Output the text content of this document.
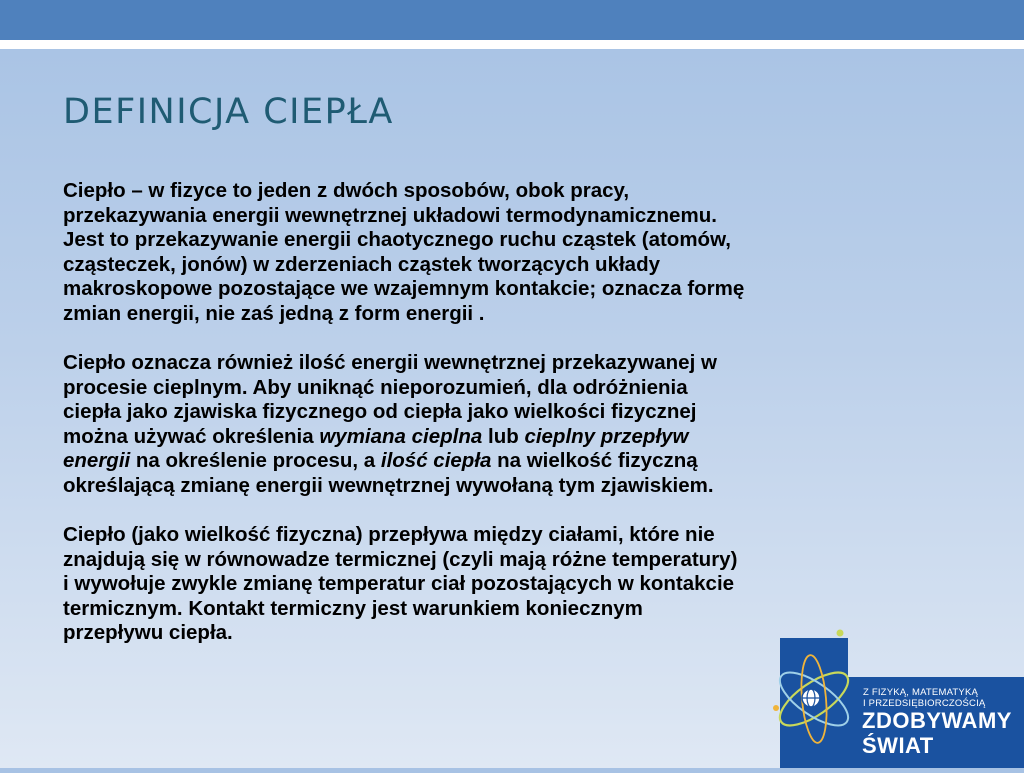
DEFINICJA CIEPŁA

Ciepło – w fizyce to jeden z dwóch sposobów, obok pracy,
przekazywania energii wewnętrznej układowi termodynamicznemu.
Jest to przekazywanie energii chaotycznego ruchu cząstek (atomów,
cząsteczek, jonów) w zderzeniach cząstek tworzących układy
makroskopowe pozostające we wzajemnym kontakcie; oznacza formę
zmian energii, nie zaś jedną z form energii .

Ciepło oznacza również ilość energii wewnętrznej przekazywanej w
procesie cieplnym. Aby uniknąć nieporozumień, dla odróżnienia
ciepła jako zjawiska fizycznego od ciepła jako wielkości fizycznej
można używać określenia wymiana cieplna lub cieplny przepływ
energii na określenie procesu, a ilość ciepła na wielkość fizyczną
określającą zmianę energii wewnętrznej wywołaną tym zjawiskiem.

Ciepło (jako wielkość fizyczna) przepływa między ciałami, które nie
znajdują się w równowadze termicznej (czyli mają różne temperatury)
i wywołuje zwykle zmianę temperatur ciał pozostających w kontakcie
termicznym. Kontakt termiczny jest warunkiem koniecznym
przepływu ciepła.

Z FIZYKĄ, MATEMATYKĄ
I PRZEDSIĘBIORCZOŚCIĄ
ZDOBYWAMY
ŚWIAT
